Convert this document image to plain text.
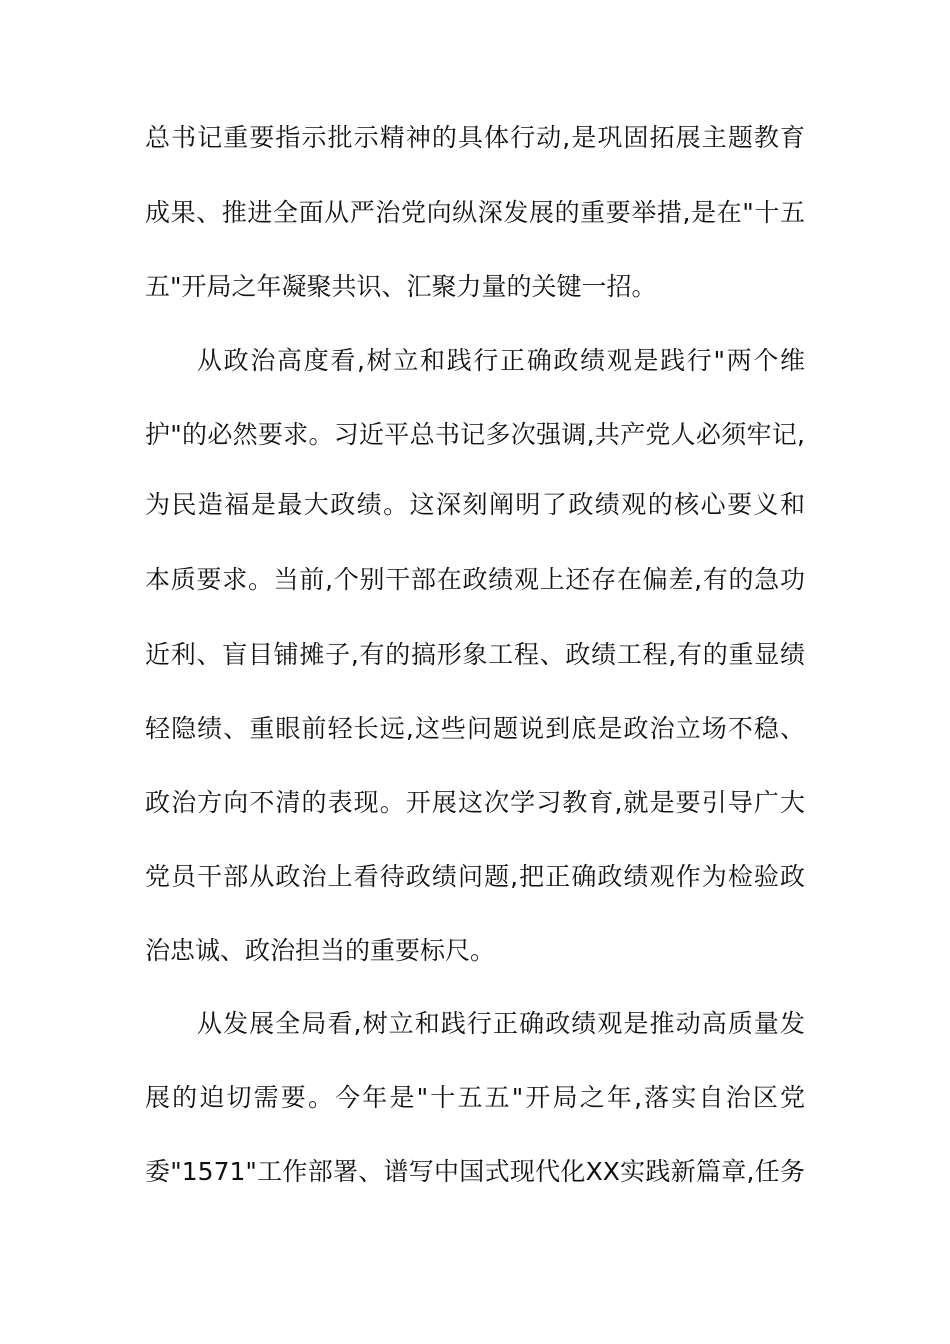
总书记重要指示批示精神的具体行动,是巩固拓展主题教育
成果、推进全面从严治党向纵深发展的重要举措,是在"十五
五"开局之年凝聚共识、汇聚力量的关键一招。
从政治高度看,树立和践行正确政绩观是践行"两个维
护"的必然要求。习近平总书记多次强调,共产党人必须牢记,
为民造福是最大政绩。这深刻阐明了政绩观的核心要义和
本质要求。当前,个别干部在政绩观上还存在偏差,有的急功
近利、盲目铺摊子,有的搞形象工程、政绩工程,有的重显绩
轻隐绩、重眼前轻长远,这些问题说到底是政治立场不稳、
政治方向不清的表现。开展这次学习教育,就是要引导广大
党员干部从政治上看待政绩问题,把正确政绩观作为检验政
治忠诚、政治担当的重要标尺。
从发展全局看,树立和践行正确政绩观是推动高质量发
展的迫切需要。今年是"十五五"开局之年,落实自治区党
委"1571"工作部署、谱写中国式现代化XX实践新篇章,任务
